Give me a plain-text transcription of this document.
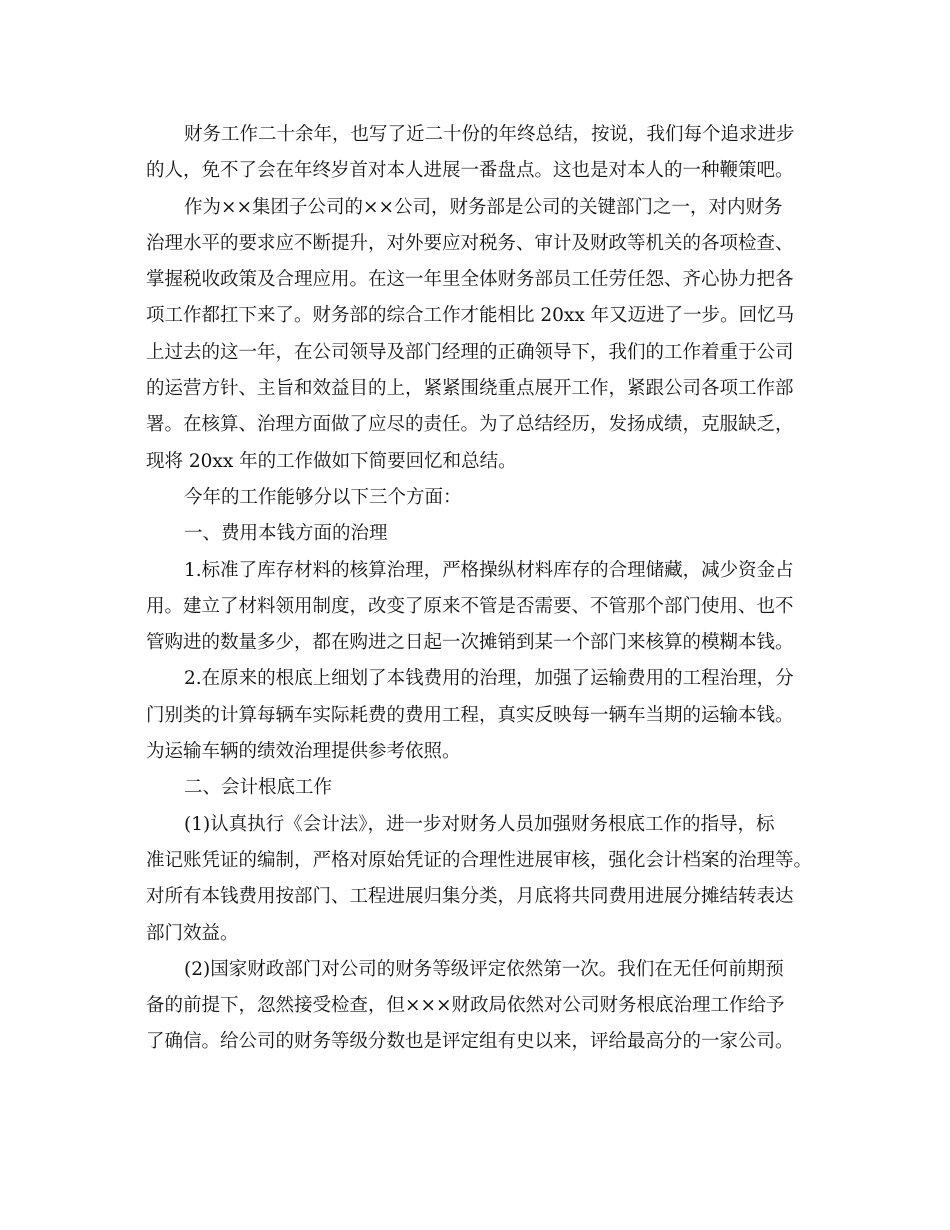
财务工作二十余年，也写了近二十份的年终总结，按说，我们每个追求进步
的人，免不了会在年终岁首对本人进展一番盘点。这也是对本人的一种鞭策吧。
作为××集团子公司的××公司，财务部是公司的关键部门之一，对内财务
治理水平的要求应不断提升，对外要应对税务、审计及财政等机关的各项检查、
掌握税收政策及合理应用。在这一年里全体财务部员工任劳任怨、齐心协力把各
项工作都扛下来了。财务部的综合工作才能相比 20xx 年又迈进了一步。回忆马
上过去的这一年，在公司领导及部门经理的正确领导下，我们的工作着重于公司
的运营方针、主旨和效益目的上，紧紧围绕重点展开工作，紧跟公司各项工作部
署。在核算、治理方面做了应尽的责任。为了总结经历，发扬成绩，克服缺乏，
现将 20xx 年的工作做如下简要回忆和总结。
今年的工作能够分以下三个方面：
一、费用本钱方面的治理
1.标准了库存材料的核算治理，严格操纵材料库存的合理储藏，减少资金占
用。建立了材料领用制度，改变了原来不管是否需要、不管那个部门使用、也不
管购进的数量多少，都在购进之日起一次摊销到某一个部门来核算的模糊本钱。
2.在原来的根底上细划了本钱费用的治理，加强了运输费用的工程治理，分
门别类的计算每辆车实际耗费的费用工程，真实反映每一辆车当期的运输本钱。
为运输车辆的绩效治理提供参考依照。
二、会计根底工作
(1)认真执行《会计法》，进一步对财务人员加强财务根底工作的指导，标
准记账凭证的编制，严格对原始凭证的合理性进展审核，强化会计档案的治理等。
对所有本钱费用按部门、工程进展归集分类，月底将共同费用进展分摊结转表达
部门效益。
(2)国家财政部门对公司的财务等级评定依然第一次。我们在无任何前期预
备的前提下，忽然接受检查，但×××财政局依然对公司财务根底治理工作给予
了确信。给公司的财务等级分数也是评定组有史以来，评给最高分的一家公司。
